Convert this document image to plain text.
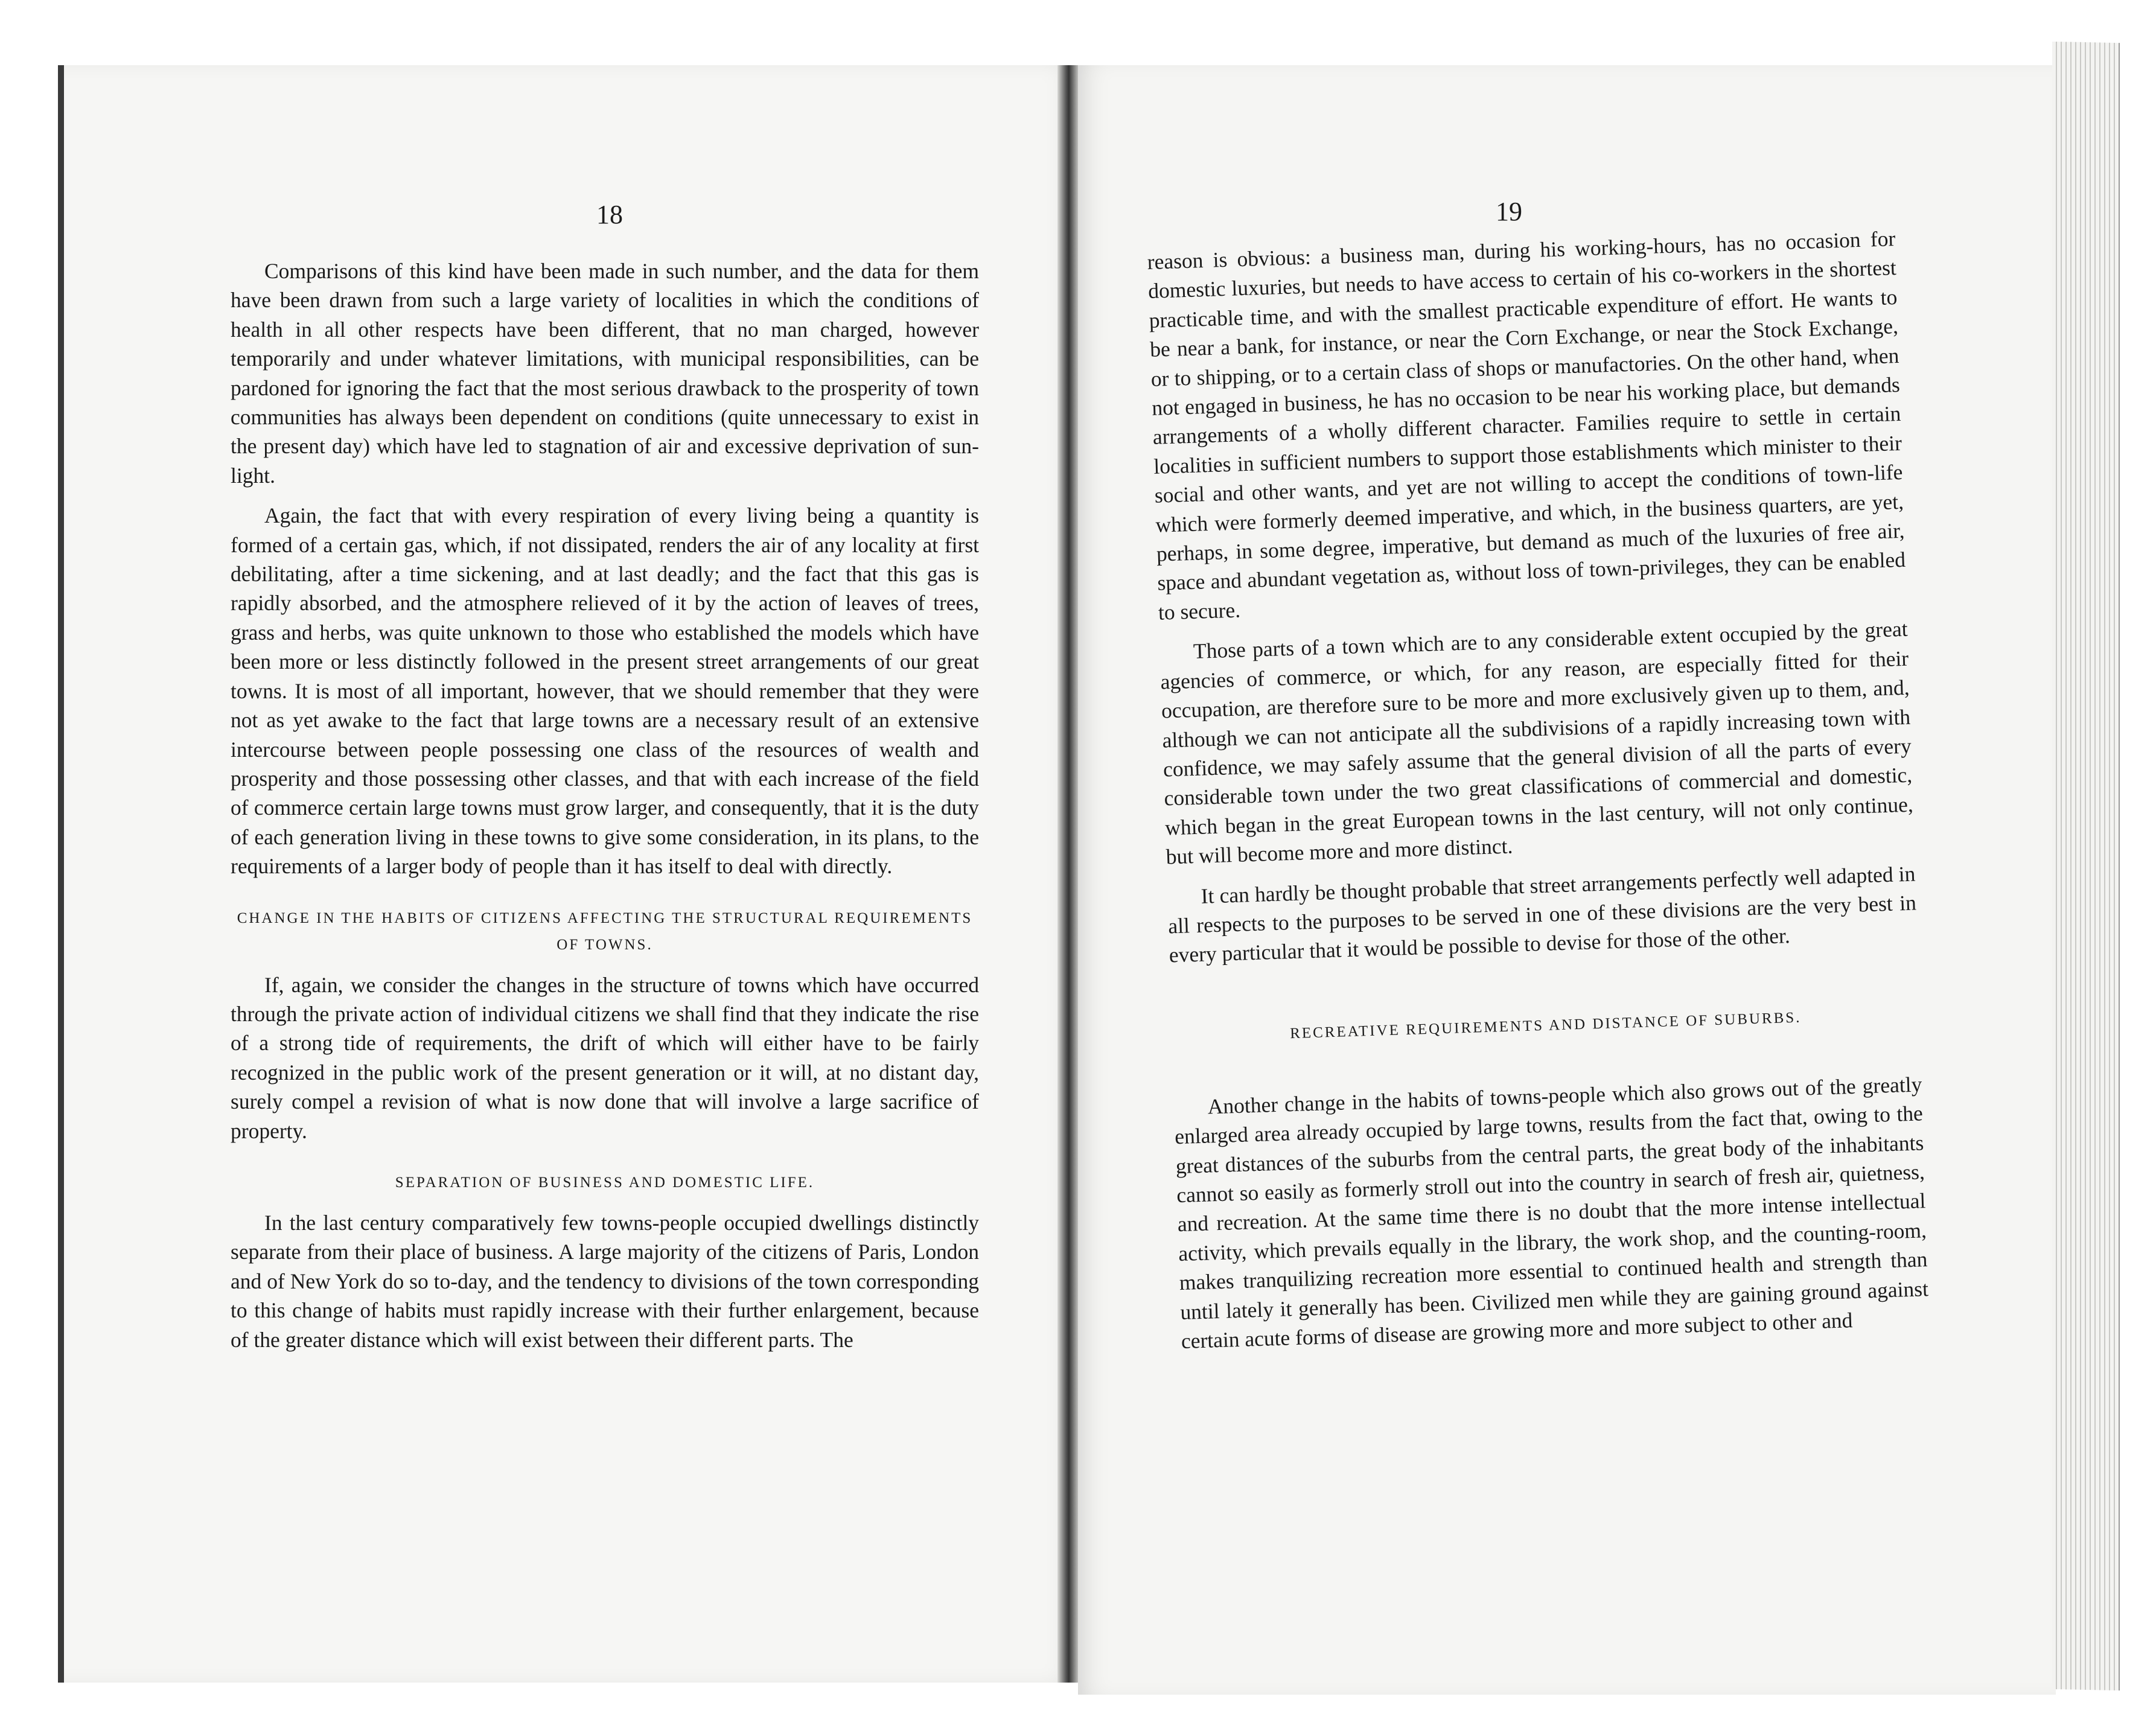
18	19

Comparisons of this kind have been made in such number, and the data for them have been drawn from such a large variety of localities in which the conditions of health in all other respects have been different, that no man charged, however temporarily and under whatever limitations, with municipal responsibilities, can be pardoned for ignoring the fact that the most serious drawback to the prosperity of town communities has always been dependent on conditions (quite unnecessary to exist in the present day) which have led to stagnation of air and excessive deprivation of sun-light.

Again, the fact that with every respiration of every living being a quantity is formed of a certain gas, which, if not dissipated, renders the air of any locality at first debilitating, after a time sickening, and at last deadly; and the fact that this gas is rapidly absorbed, and the atmosphere relieved of it by the action of leaves of trees, grass and herbs, was quite unknown to those who established the models which have been more or less distinctly followed in the present street arrangements of our great towns. It is most of all important, however, that we should remember that they were not as yet awake to the fact that large towns are a necessary result of an extensive intercourse between people possessing one class of the resources of wealth and prosperity and those possessing other classes, and that with each increase of the field of commerce certain large towns must grow larger, and consequently, that it is the duty of each generation living in these towns to give some consideration, in its plans, to the requirements of a larger body of people than it has itself to deal with directly.

CHANGE IN THE HABITS OF CITIZENS AFFECTING THE STRUCTURAL REQUIREMENTS OF TOWNS.

If, again, we consider the changes in the structure of towns which have occurred through the private action of individual citizens we shall find that they indicate the rise of a strong tide of requirements, the drift of which will either have to be fairly recognized in the public work of the present generation or it will, at no distant day, surely compel a revision of what is now done that will involve a large sacrifice of property.

SEPARATION OF BUSINESS AND DOMESTIC LIFE.

In the last century comparatively few towns-people occupied dwellings distinctly separate from their place of business. A large majority of the citizens of Paris, London and of New York do so to-day, and the tendency to divisions of the town corresponding to this change of habits must rapidly increase with their further enlargement, because of the greater distance which will exist between their different parts. The

reason is obvious: a business man, during his working-hours, has no occasion for domestic luxuries, but needs to have access to certain of his co-workers in the shortest practicable time, and with the smallest practicable expenditure of effort. He wants to be near a bank, for instance, or near the Corn Exchange, or near the Stock Exchange, or to shipping, or to a certain class of shops or manufactories. On the other hand, when not engaged in business, he has no occasion to be near his working place, but demands arrangements of a wholly different character. Families require to settle in certain localities in sufficient numbers to support those establishments which minister to their social and other wants, and yet are not willing to accept the conditions of town-life which were formerly deemed imperative, and which, in the business quarters, are yet, perhaps, in some degree, imperative, but demand as much of the luxuries of free air, space and abundant vegetation as, without loss of town-privileges, they can be enabled to secure.

Those parts of a town which are to any considerable extent occupied by the great agencies of commerce, or which, for any reason, are especially fitted for their occupation, are therefore sure to be more and more exclusively given up to them, and, although we can not anticipate all the subdivisions of a rapidly increasing town with confidence, we may safely assume that the general division of all the parts of every considerable town under the two great classifications of commercial and domestic, which began in the great European towns in the last century, will not only continue, but will become more and more distinct.

It can hardly be thought probable that street arrangements perfectly well adapted in all respects to the purposes to be served in one of these divisions are the very best in every particular that it would be possible to devise for those of the other.

RECREATIVE REQUIREMENTS AND DISTANCE OF SUBURBS.

Another change in the habits of towns-people which also grows out of the greatly enlarged area already occupied by large towns, results from the fact that, owing to the great distances of the suburbs from the central parts, the great body of the inhabitants cannot so easily as formerly stroll out into the country in search of fresh air, quietness, and recreation. At the same time there is no doubt that the more intense intellectual activity, which prevails equally in the library, the work shop, and the counting-room, makes tranquilizing recreation more essential to continued health and strength than until lately it generally has been. Civilized men while they are gaining ground against certain acute forms of disease are growing more and more subject to other and
